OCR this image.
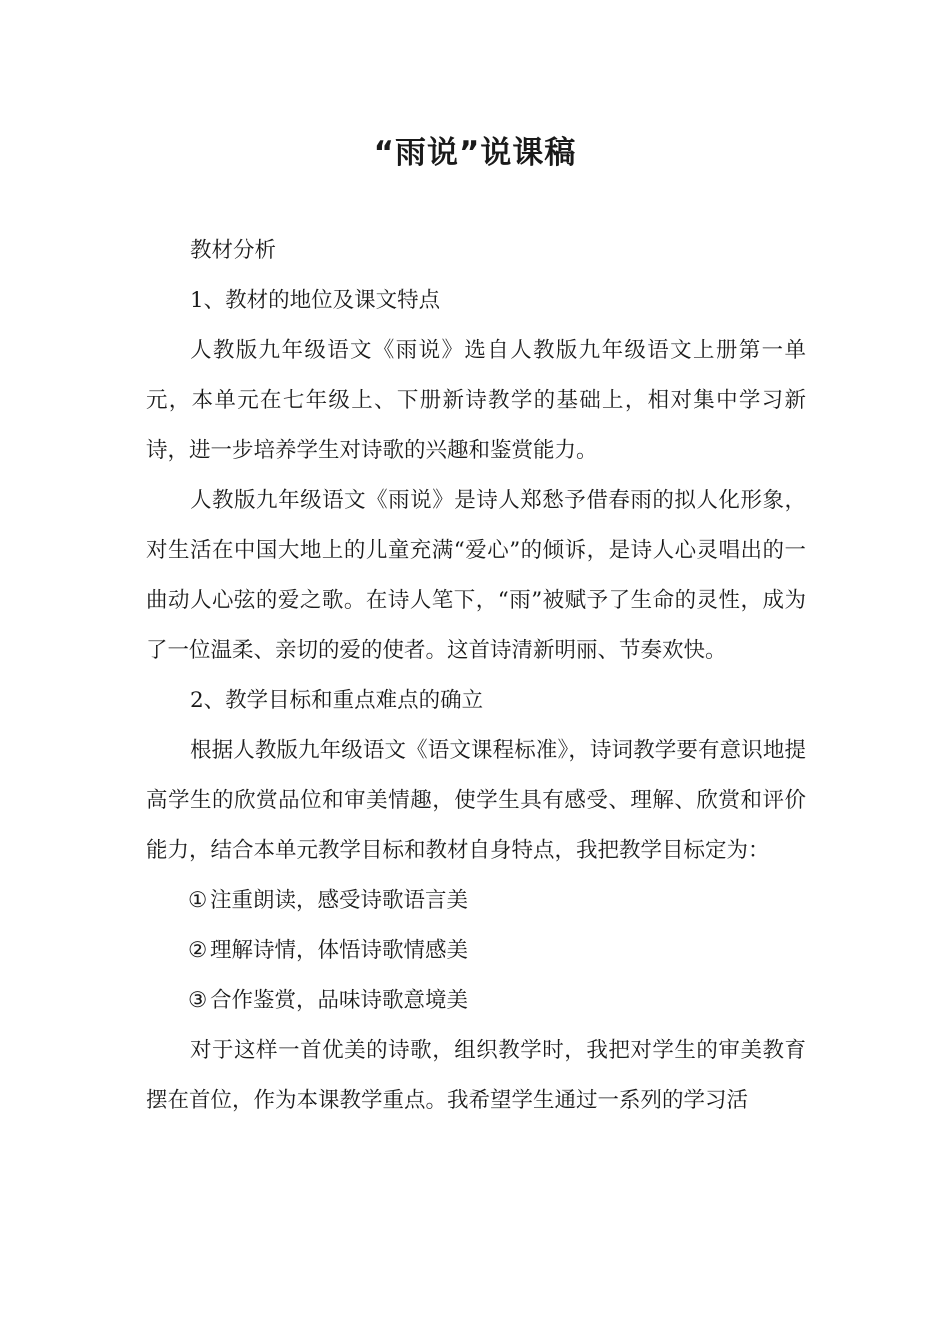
“雨说”说课稿

教材分析

1、教材的地位及课文特点

人教版九年级语文《雨说》选自人教版九年级语文上册第一单元，本单元在七年级上、下册新诗教学的基础上，相对集中学习新诗，进一步培养学生对诗歌的兴趣和鉴赏能力。

人教版九年级语文《雨说》是诗人郑愁予借春雨的拟人化形象，对生活在中国大地上的儿童充满“爱心”的倾诉，是诗人心灵唱出的一曲动人心弦的爱之歌。在诗人笔下，“雨”被赋予了生命的灵性，成为了一位温柔、亲切的爱的使者。这首诗清新明丽、节奏欢快。

2、教学目标和重点难点的确立

根据人教版九年级语文《语文课程标准》，诗词教学要有意识地提高学生的欣赏品位和审美情趣，使学生具有感受、理解、欣赏和评价能力，结合本单元教学目标和教材自身特点，我把教学目标定为：

① 注重朗读，感受诗歌语言美

② 理解诗情，体悟诗歌情感美

③ 合作鉴赏，品味诗歌意境美

对于这样一首优美的诗歌，组织教学时，我把对学生的审美教育摆在首位，作为本课教学重点。我希望学生通过一系列的学习活
